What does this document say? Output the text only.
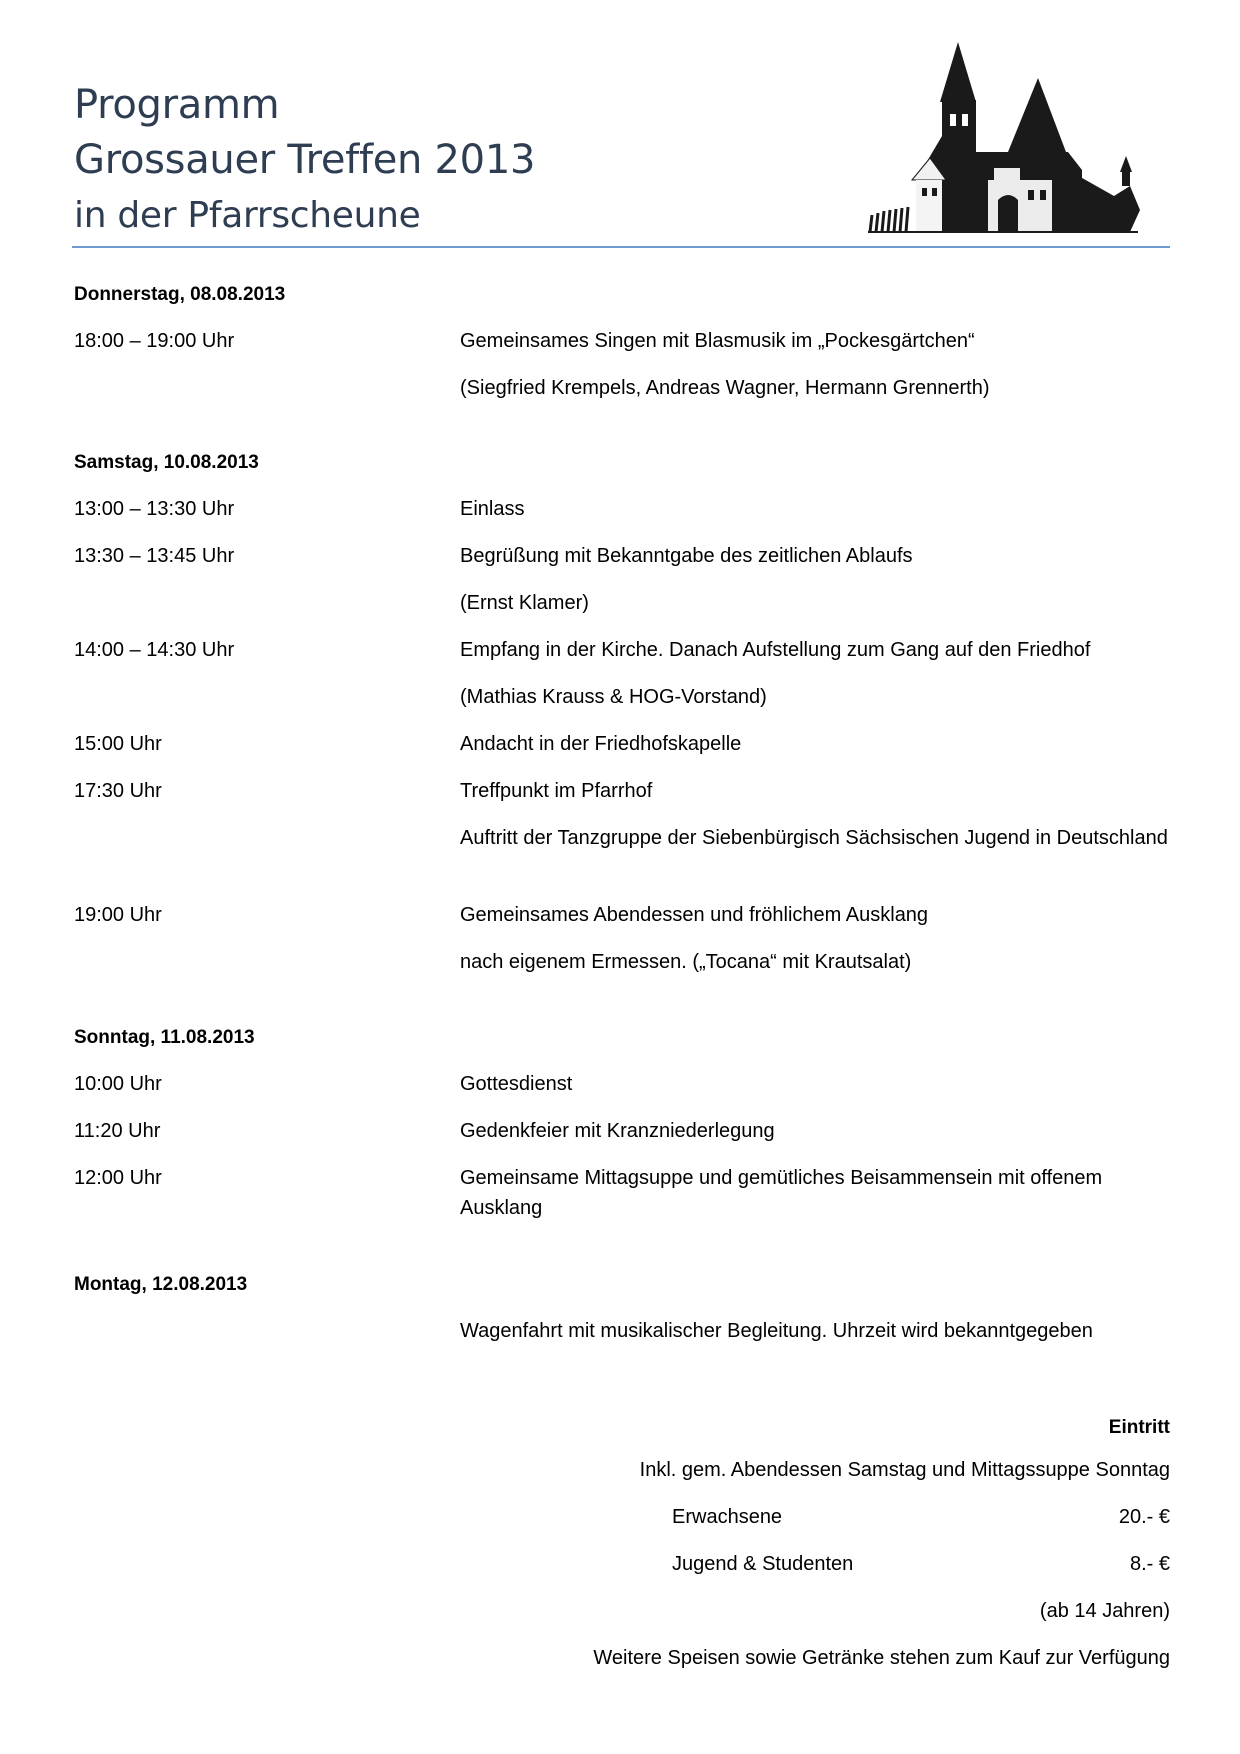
Programm
Grossauer Treffen 2013
in der Pfarrscheune
Donnerstag, 08.08.2013
18:00 – 19:00 Uhr	Gemeinsames Singen mit Blasmusik im „Pockesgärtchen“
(Siegfried Krempels, Andreas Wagner, Hermann Grennerth)
Samstag, 10.08.2013
13:00 – 13:30 Uhr	Einlass
13:30 – 13:45 Uhr	Begrüßung mit Bekanntgabe des zeitlichen Ablaufs
(Ernst Klamer)
14:00 – 14:30 Uhr	Empfang in der Kirche. Danach Aufstellung zum Gang auf den Friedhof
(Mathias Krauss & HOG-Vorstand)
15:00 Uhr	Andacht in der Friedhofskapelle
17:30 Uhr	Treffpunkt im Pfarrhof
Auftritt der Tanzgruppe der Siebenbürgisch Sächsischen Jugend in Deutschland
19:00 Uhr	Gemeinsames Abendessen und fröhlichem Ausklang
nach eigenem Ermessen. („Tocana“ mit Krautsalat)
Sonntag, 11.08.2013
10:00 Uhr	Gottesdienst
11:20 Uhr	Gedenkfeier mit Kranzniederlegung
12:00 Uhr	Gemeinsame Mittagsuppe und gemütliches Beisammensein mit offenem Ausklang
Montag, 12.08.2013
Wagenfahrt mit musikalischer Begleitung. Uhrzeit wird bekanntgegeben
Eintritt
Inkl. gem. Abendessen Samstag und Mittagssuppe Sonntag
Erwachsene	20.- €
Jugend & Studenten	8.- €
(ab 14 Jahren)
Weitere Speisen sowie Getränke stehen zum Kauf zur Verfügung
